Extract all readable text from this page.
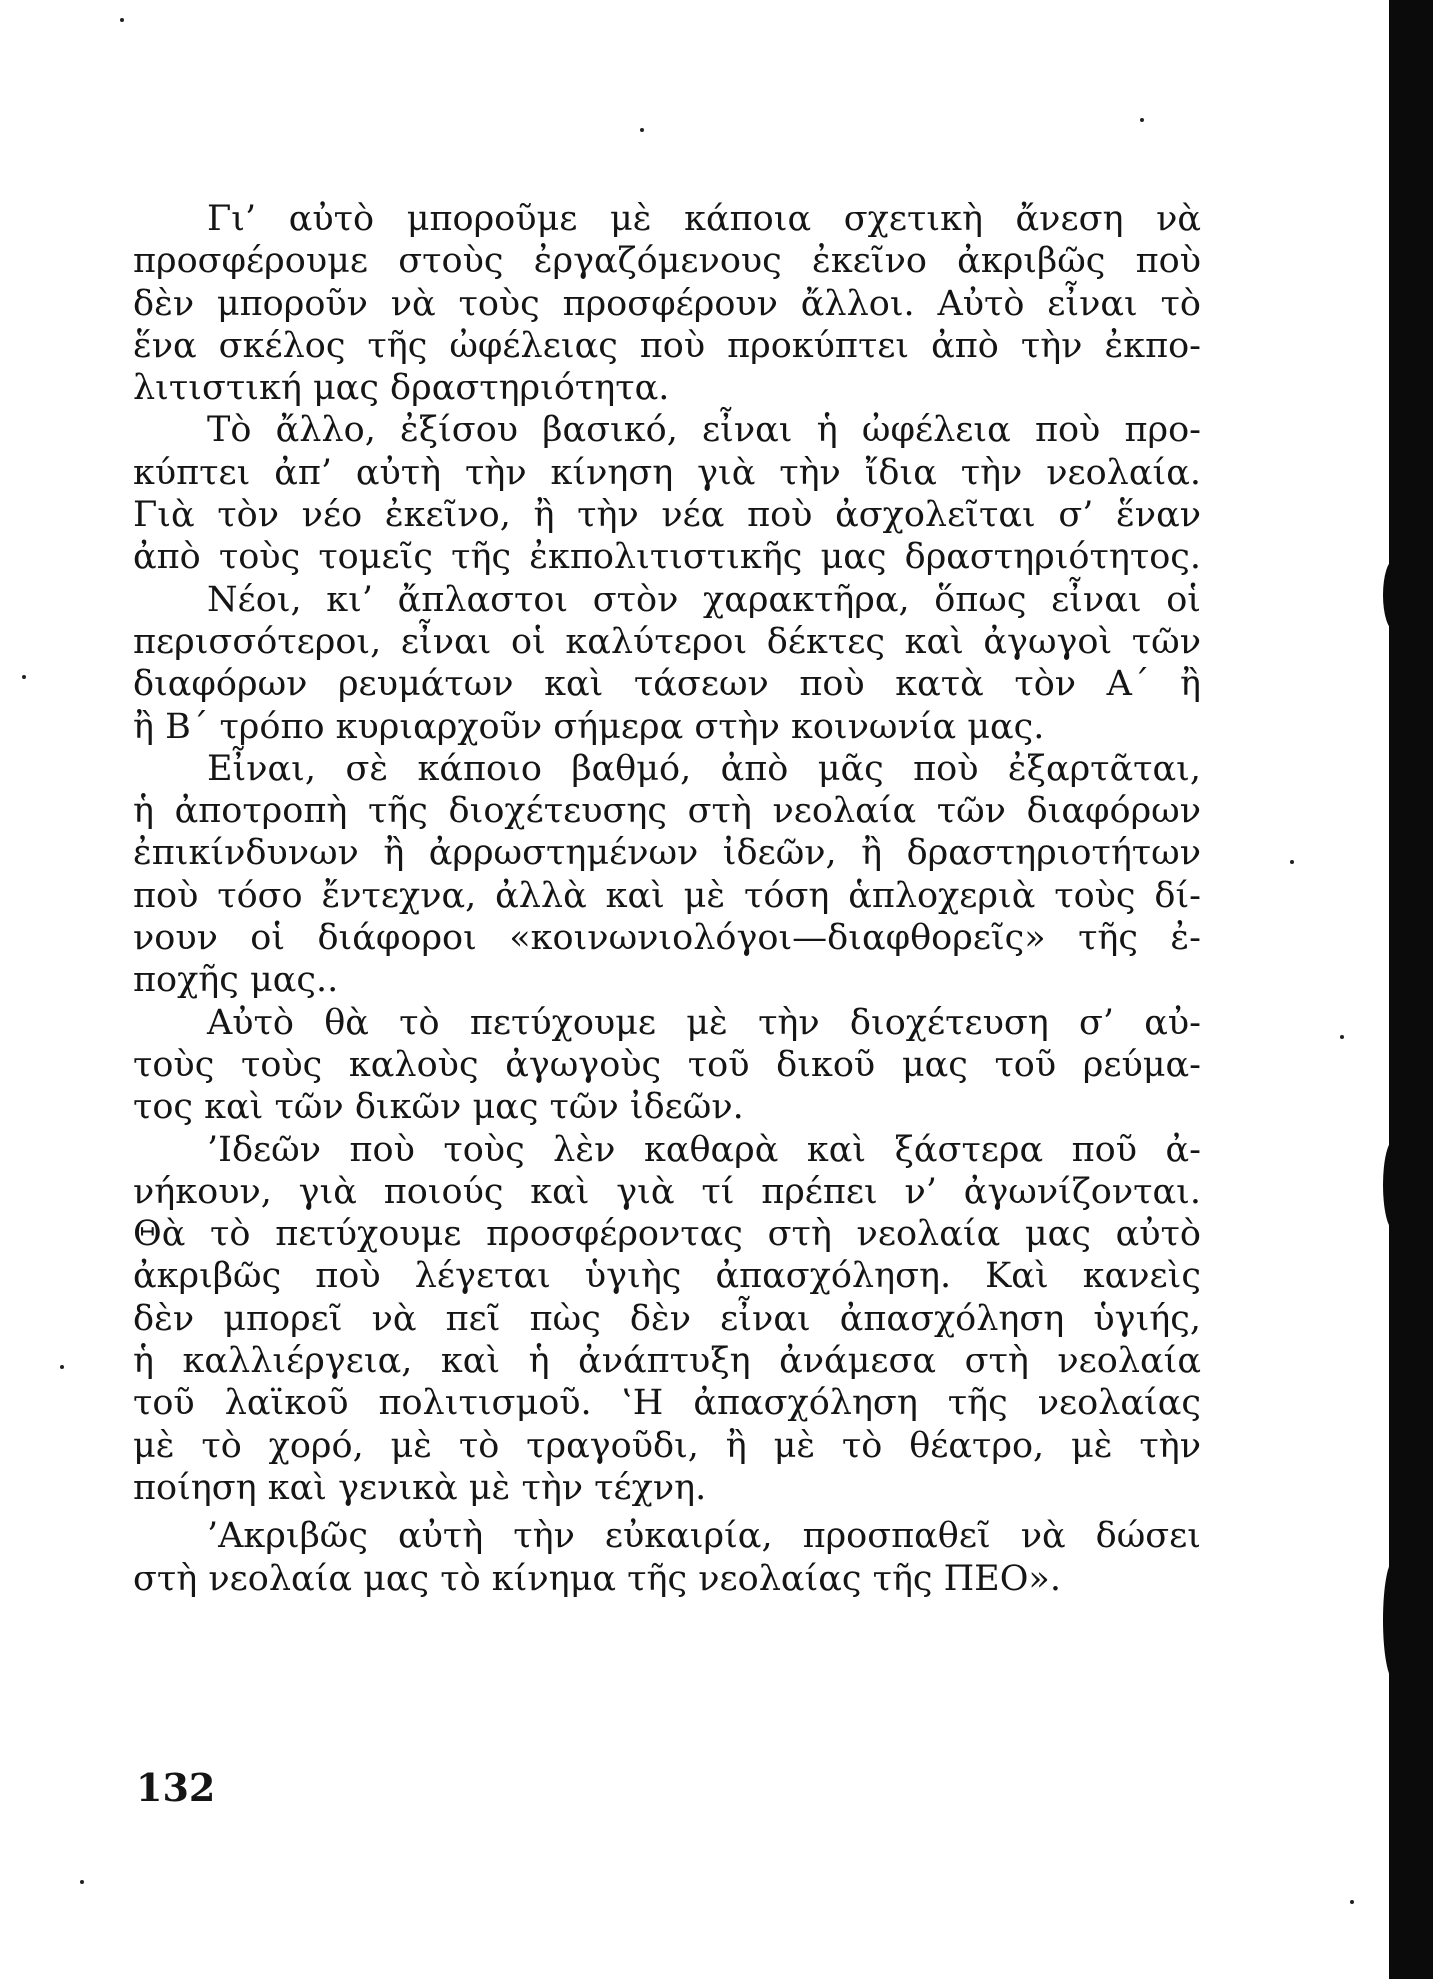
Γι’ αὐτὸ μποροῦμε μὲ κάποια σχετικὴ ἄνεση νὰ
προσφέρουμε στοὺς ἐργαζόμενους ἐκεῖνο ἀκριβῶς ποὺ
δὲν μποροῦν νὰ τοὺς προσφέρουν ἄλλοι. Αὐτὸ εἶναι τὸ
ἕνα σκέλος τῆς ὠφέλειας ποὺ προκύπτει ἀπὸ τὴν ἐκπο-
λιτιστική μας δραστηριότητα.
Τὸ ἄλλο, ἐξίσου βασικό, εἶναι ἡ ὠφέλεια ποὺ προ-
κύπτει ἀπ’ αὐτὴ τὴν κίνηση γιὰ τὴν ἴδια τὴν νεολαία.
Γιὰ τὸν νέο ἐκεῖνο, ἢ τὴν νέα ποὺ ἀσχολεῖται σ’ ἕναν
ἀπὸ τοὺς τομεῖς τῆς ἐκπολιτιστικῆς μας δραστηριότητος.
Νέοι, κι’ ἄπλαστοι στὸν χαρακτῆρα, ὅπως εἶναι οἱ
περισσότεροι, εἶναι οἱ καλύτεροι δέκτες καὶ ἀγωγοὶ τῶν
διαφόρων ρευμάτων καὶ τάσεων ποὺ κατὰ τὸν Α΄ ἢ
ἢ Β΄ τρόπο κυριαρχοῦν σήμερα στὴν κοινωνία μας.
Εἶναι, σὲ κάποιο βαθμό, ἀπὸ μᾶς ποὺ ἐξαρτᾶται,
ἡ ἀποτροπὴ τῆς διοχέτευσης στὴ νεολαία τῶν διαφόρων
ἐπικίνδυνων ἢ ἀρρωστημένων ἰδεῶν, ἢ δραστηριοτήτων
ποὺ τόσο ἔντεχνα, ἀλλὰ καὶ μὲ τόση ἁπλοχεριὰ τοὺς δί-
νουν οἱ διάφοροι «κοινωνιολόγοι—διαφθορεῖς» τῆς ἐ-
ποχῆς μας..
Αὐτὸ θὰ τὸ πετύχουμε μὲ τὴν διοχέτευση σ’ αὐ-
τοὺς τοὺς καλοὺς ἀγωγοὺς τοῦ δικοῦ μας τοῦ ρεύμα-
τος καὶ τῶν δικῶν μας τῶν ἰδεῶν.
’Ιδεῶν ποὺ τοὺς λὲν καθαρὰ καὶ ξάστερα ποῦ ἀ-
νήκουν, γιὰ ποιούς καὶ γιὰ τί πρέπει ν’ ἀγωνίζονται.
Θὰ τὸ πετύχουμε προσφέροντας στὴ νεολαία μας αὐτὸ
ἀκριβῶς ποὺ λέγεται ὑγιὴς ἀπασχόληση. Καὶ κανεὶς
δὲν μπορεῖ νὰ πεῖ πὼς δὲν εἶναι ἀπασχόληση ὑγιής,
ἡ καλλιέργεια, καὶ ἡ ἀνάπτυξη ἀνάμεσα στὴ νεολαία
τοῦ λαϊκοῦ πολιτισμοῦ. ‛Η ἀπασχόληση τῆς νεολαίας
μὲ τὸ χορό, μὲ τὸ τραγοῦδι, ἢ μὲ τὸ θέατρο, μὲ τὴν
ποίηση καὶ γενικὰ μὲ τὴν τέχνη.
’Ακριβῶς αὐτὴ τὴν εὐκαιρία, προσπαθεῖ νὰ δώσει
στὴ νεολαία μας τὸ κίνημα τῆς νεολαίας τῆς ΠΕΟ».
132
